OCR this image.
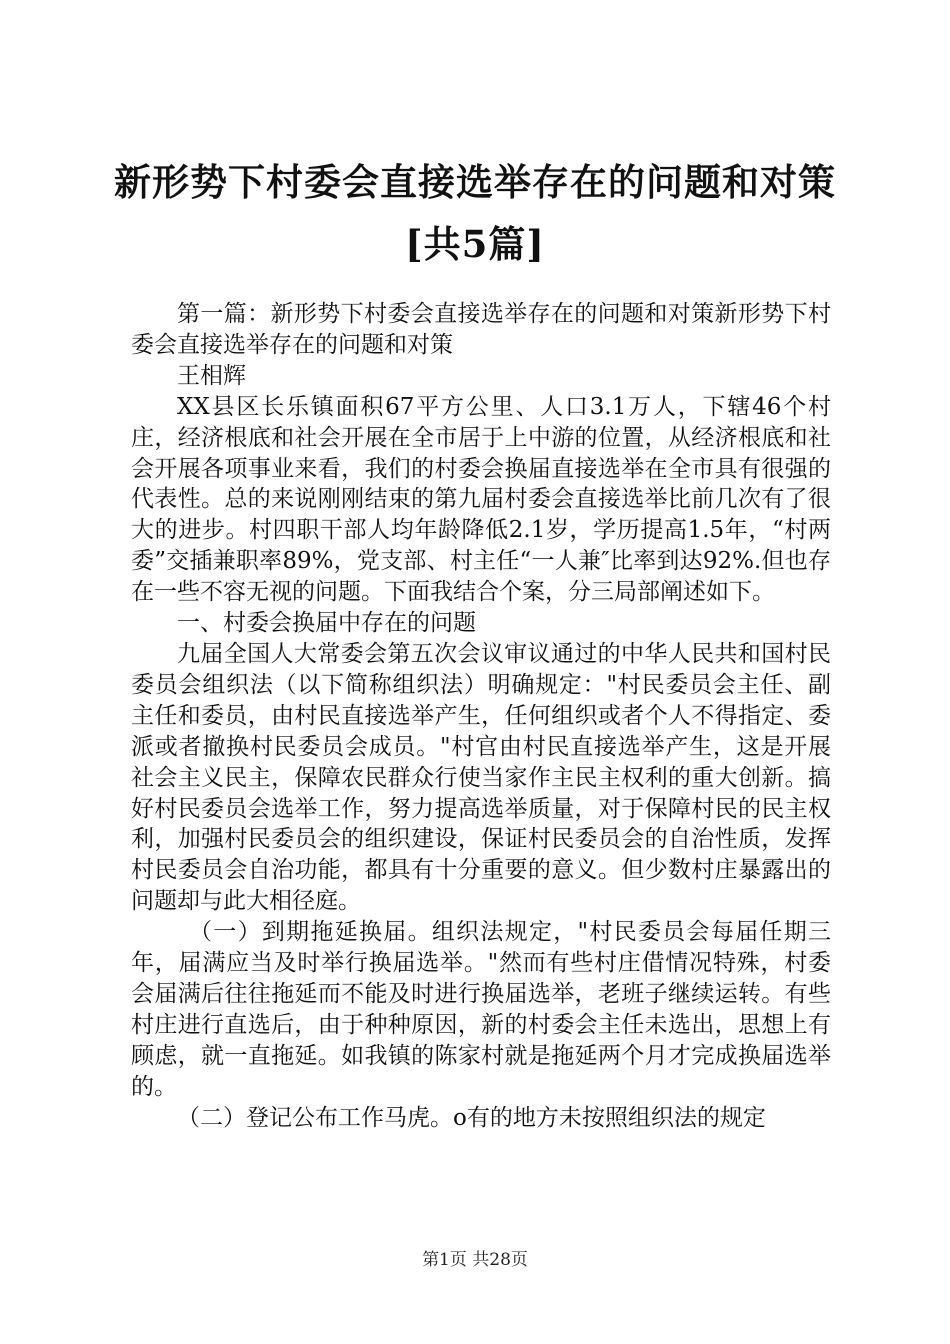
新形势下村委会直接选举存在的问题和对策
[共5篇]

第一篇：新形势下村委会直接选举存在的问题和对策新形势下村委会直接选举存在的问题和对策

王相辉

XX县区长乐镇面积67平方公里、人口3.1万人，下辖46个村庄，经济根底和社会开展在全市居于上中游的位置，从经济根底和社会开展各项事业来看，我们的村委会换届直接选举在全市具有很强的代表性。总的来说刚刚结束的第九届村委会直接选举比前几次有了很大的进步。村四职干部人均年龄降低2.1岁，学历提高1.5年，“村两委”交插兼职率89%，党支部、村主任“一人兼″比率到达92%.但也存在一些不容无视的问题。下面我结合个案，分三局部阐述如下。

一、村委会换届中存在的问题

九届全国人大常委会第五次会议审议通过的中华人民共和国村民委员会组织法（以下简称组织法）明确规定："村民委员会主任、副主任和委员，由村民直接选举产生，任何组织或者个人不得指定、委派或者撤换村民委员会成员。"村官由村民直接选举产生，这是开展社会主义民主，保障农民群众行使当家作主民主权利的重大创新。搞好村民委员会选举工作，努力提高选举质量，对于保障村民的民主权利，加强村民委员会的组织建设，保证村民委员会的自治性质，发挥村民委员会自治功能，都具有十分重要的意义。但少数村庄暴露出的问题却与此大相径庭。

（一）到期拖延换届。组织法规定，"村民委员会每届任期三年，届满应当及时举行换届选举。"然而有些村庄借情况特殊，村委会届满后往往拖延而不能及时进行换届选举，老班子继续运转。有些村庄进行直选后，由于种种原因，新的村委会主任未选出，思想上有顾虑，就一直拖延。如我镇的陈家村就是拖延两个月才完成换届选举的。

（二）登记公布工作马虎。o有的地方未按照组织法的规定

第1页 共28页
